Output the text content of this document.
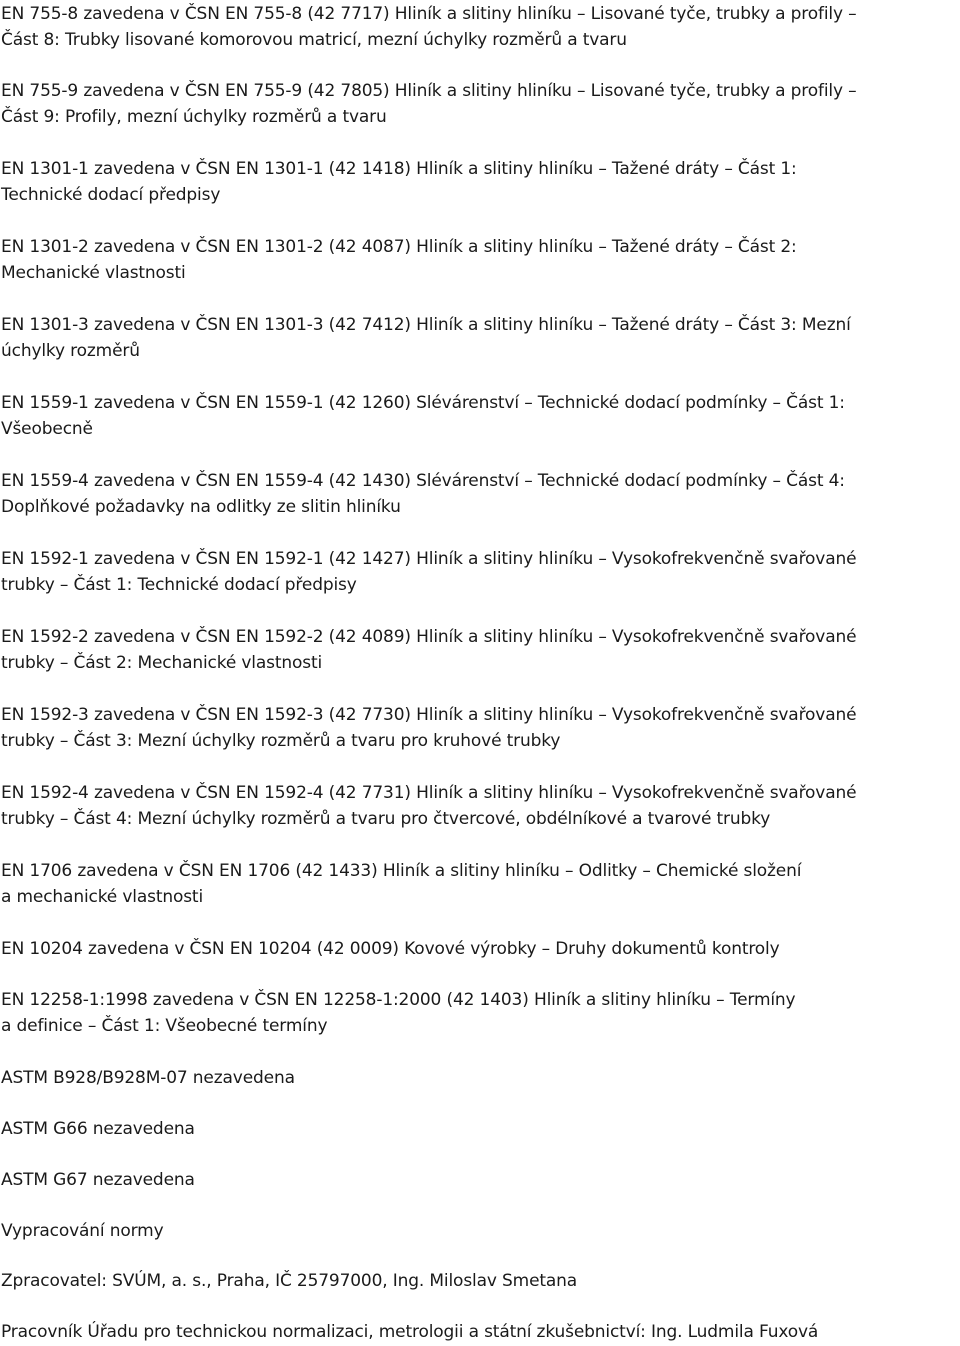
EN 755-8 zavedena v ČSN EN 755-8 (42 7717) Hliník a slitiny hliníku – Lisované tyče, trubky a profily –
Část 8: Trubky lisované komorovou matricí, mezní úchylky rozměrů a tvaru
EN 755-9 zavedena v ČSN EN 755-9 (42 7805) Hliník a slitiny hliníku – Lisované tyče, trubky a profily –
Část 9: Profily, mezní úchylky rozměrů a tvaru
EN 1301-1 zavedena v ČSN EN 1301-1 (42 1418) Hliník a slitiny hliníku – Tažené dráty – Část 1:
Technické dodací předpisy
EN 1301-2 zavedena v ČSN EN 1301-2 (42 4087) Hliník a slitiny hliníku – Tažené dráty – Část 2:
Mechanické vlastnosti
EN 1301-3 zavedena v ČSN EN 1301-3 (42 7412) Hliník a slitiny hliníku – Tažené dráty – Část 3: Mezní
úchylky rozměrů
EN 1559-1 zavedena v ČSN EN 1559-1 (42 1260) Slévárenství – Technické dodací podmínky – Část 1:
Všeobecně
EN 1559-4 zavedena v ČSN EN 1559-4 (42 1430) Slévárenství – Technické dodací podmínky – Část 4:
Doplňkové požadavky na odlitky ze slitin hliníku
EN 1592-1 zavedena v ČSN EN 1592-1 (42 1427) Hliník a slitiny hliníku – Vysokofrekvenčně svařované
trubky – Část 1: Technické dodací předpisy
EN 1592-2 zavedena v ČSN EN 1592-2 (42 4089) Hliník a slitiny hliníku – Vysokofrekvenčně svařované
trubky – Část 2: Mechanické vlastnosti
EN 1592-3 zavedena v ČSN EN 1592-3 (42 7730) Hliník a slitiny hliníku – Vysokofrekvenčně svařované
trubky – Část 3: Mezní úchylky rozměrů a tvaru pro kruhové trubky
EN 1592-4 zavedena v ČSN EN 1592-4 (42 7731) Hliník a slitiny hliníku – Vysokofrekvenčně svařované
trubky – Část 4: Mezní úchylky rozměrů a tvaru pro čtvercové, obdélníkové a tvarové trubky
EN 1706 zavedena v ČSN EN 1706 (42 1433) Hliník a slitiny hliníku – Odlitky – Chemické složení
a mechanické vlastnosti
EN 10204 zavedena v ČSN EN 10204 (42 0009) Kovové výrobky – Druhy dokumentů kontroly
EN 12258-1:1998 zavedena v ČSN EN 12258-1:2000 (42 1403) Hliník a slitiny hliníku – Termíny
a definice – Část 1: Všeobecné termíny
ASTM B928/B928M-07 nezavedena
ASTM G66 nezavedena
ASTM G67 nezavedena
Vypracování normy
Zpracovatel: SVÚM, a. s., Praha, IČ 25797000, Ing. Miloslav Smetana
Pracovník Úřadu pro technickou normalizaci, metrologii a státní zkušebnictví: Ing. Ludmila Fuxová
